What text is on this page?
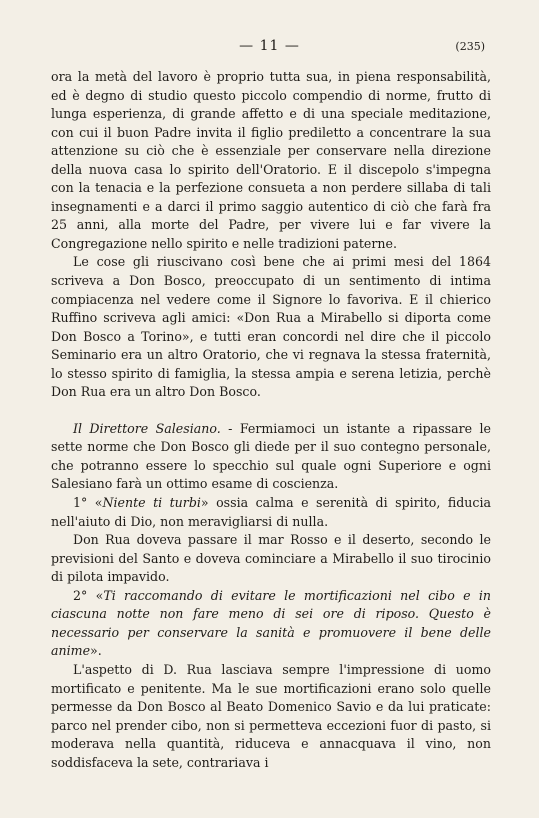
— 11 —	(235)

ora la metà del lavoro è proprio tutta sua, in piena responsabilità, ed è degno di studio questo piccolo compendio di norme, frutto di lunga esperienza, di grande affetto e di una speciale meditazione, con cui il buon Padre invita il figlio prediletto a concentrare la sua attenzione su ciò che è essenziale per conservare nella direzione della nuova casa lo spirito dell'Oratorio. E il discepolo s'impegna con la tenacia e la perfezione consueta a non perdere sillaba di tali insegnamenti e a darci il primo saggio autentico di ciò che farà fra 25 anni, alla morte del Padre, per vivere lui e far vivere la Congregazione nello spirito e nelle tradizioni paterne.

Le cose gli riuscivano così bene che ai primi mesi del 1864 scriveva a Don Bosco, preoccupato di un sentimento di intima compiacenza nel vedere come il Signore lo favoriva. E il chierico Ruffino scriveva agli amici: «Don Rua a Mirabello si diporta come Don Bosco a Torino», e tutti eran concordi nel dire che il piccolo Seminario era un altro Oratorio, che vi regnava la stessa fraternità, lo stesso spirito di famiglia, la stessa ampia e serena letizia, perchè Don Rua era un altro Don Bosco.

Il Direttore Salesiano. - Fermiamoci un istante a ripassare le sette norme che Don Bosco gli diede per il suo contegno personale, che potranno essere lo specchio sul quale ogni Superiore e ogni Salesiano farà un ottimo esame di coscienza.

1° «Niente ti turbi» ossia calma e serenità di spirito, fiducia nell'aiuto di Dio, non meravigliarsi di nulla.

Don Rua doveva passare il mar Rosso e il deserto, secondo le previsioni del Santo e doveva cominciare a Mirabello il suo tirocinio di pilota impavido.

2° «Ti raccomando di evitare le mortificazioni nel cibo e in ciascuna notte non fare meno di sei ore di riposo. Questo è necessario per conservare la sanità e promuovere il bene delle anime».

L'aspetto di D. Rua lasciava sempre l'impressione di uomo mortificato e penitente. Ma le sue mortificazioni erano solo quelle permesse da Don Bosco al Beato Domenico Savio e da lui praticate: parco nel prender cibo, non si permetteva eccezioni fuor di pasto, si moderava nella quantità, riduceva e annacquava il vino, non soddisfaceva la sete, contrariava i
